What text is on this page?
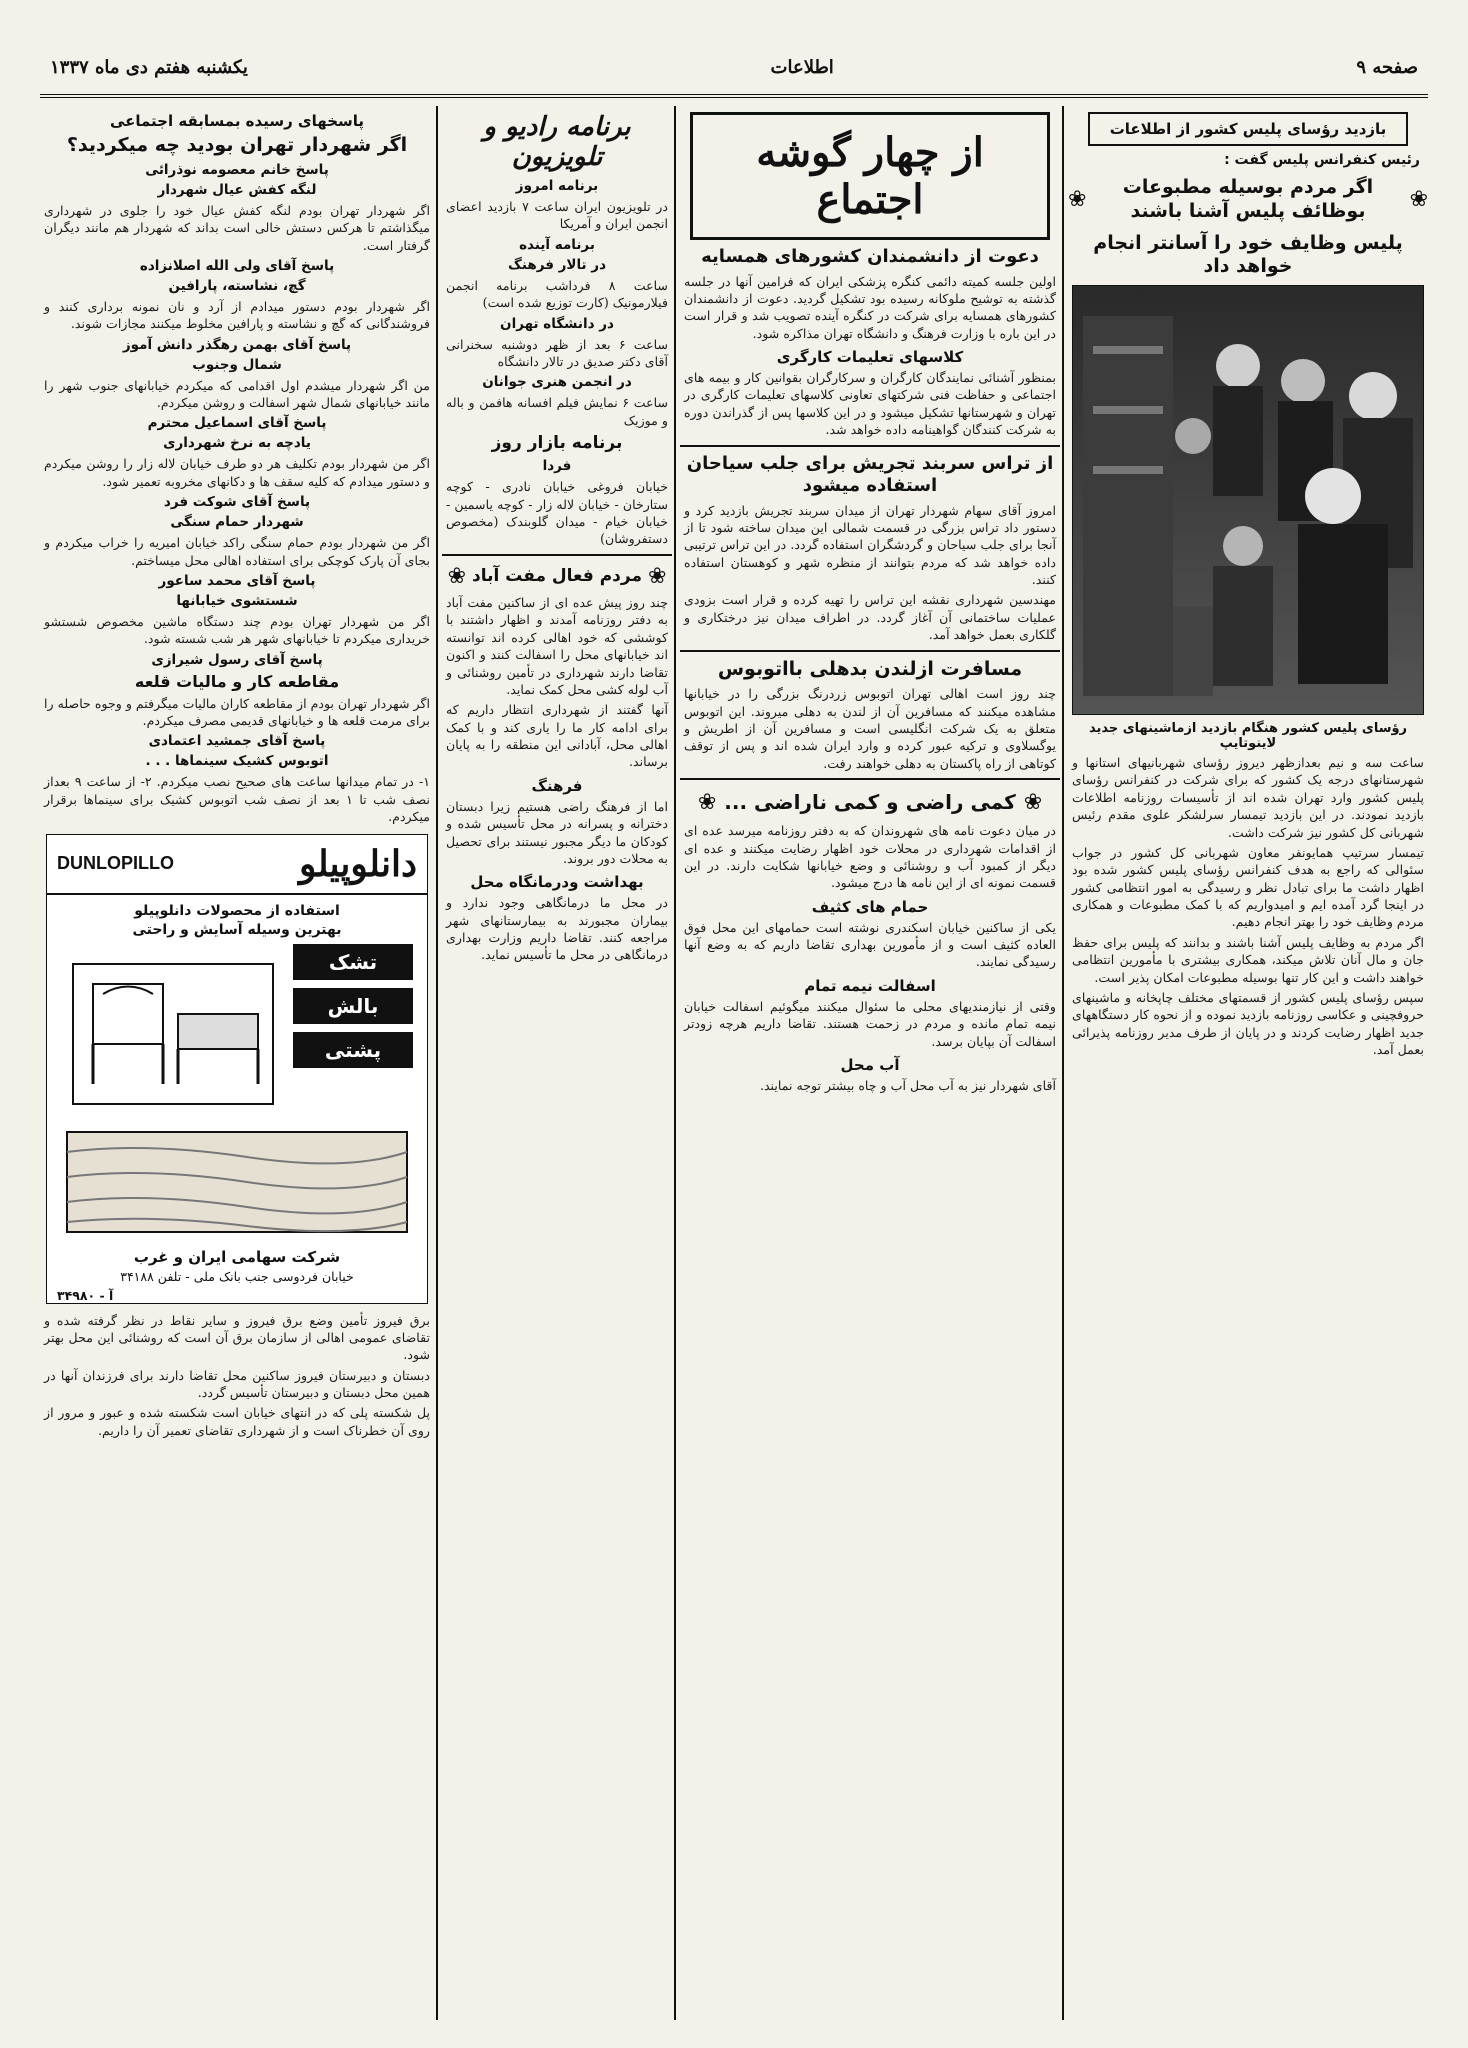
صفحه ۹
اطلاعات
یکشنبه هفتم دی ماه ۱۳۳۷
بازدید رؤسای پلیس کشور از اطلاعات
رئیس کنفرانس پلیس گفت :
❀
اگر مردم بوسیله مطبوعات بوظائف پلیس آشنا باشند
❀
پلیس وظایف خود را آسانتر انجام خواهد داد
رؤسای پلیس کشور هنگام بازدید ازماشینهای جدید لاینوتایپ

ساعت سه و نیم بعدازظهر دیروز رؤسای شهربانیهای استانها و شهرستانهای درجه یک کشور که برای شرکت در کنفرانس رؤسای پلیس کشور وارد تهران شده اند از تأسیسات روزنامه اطلاعات بازدید نمودند. در این بازدید تیمسار سرلشکر علوی مقدم رئیس شهربانی کل کشور نیز شرکت داشت.

تیمسار سرتیپ همایونفر معاون شهربانی کل کشور در جواب سئوالی که راجع به هدف کنفرانس رؤسای پلیس کشور شده بود اظهار داشت ما برای تبادل نظر و رسیدگی به امور انتظامی کشور در اینجا گرد آمده ایم و امیدواریم که با کمک مطبوعات و همکاری مردم وظایف خود را بهتر انجام دهیم.

اگر مردم به وظایف پلیس آشنا باشند و بدانند که پلیس برای حفظ جان و مال آنان تلاش میکند، همکاری بیشتری با مأمورین انتظامی خواهند داشت و این کار تنها بوسیله مطبوعات امکان پذیر است.

سپس رؤسای پلیس کشور از قسمتهای مختلف چاپخانه و ماشینهای حروفچینی و عکاسی روزنامه بازدید نموده و از نحوه کار دستگاههای جدید اظهار رضایت کردند و در پایان از طرف مدیر روزنامه پذیرائی بعمل آمد.

از چهار گوشه اجتماع
دعوت از دانشمندان کشورهای همسایه

اولین جلسه کمیته دائمی کنگره پزشکی ایران که فرامین آنها در جلسه گذشته به توشیح ملوکانه رسیده بود تشکیل گردید. دعوت از دانشمندان کشورهای همسایه برای شرکت در کنگره آینده تصویب شد و قرار است در این باره با وزارت فرهنگ و دانشگاه تهران مذاکره شود.

کلاسهای تعلیمات کارگری

بمنظور آشنائی نمایندگان کارگران و سرکارگران بقوانین کار و بیمه های اجتماعی و حفاظت فنی شرکتهای تعاونی کلاسهای تعلیمات کارگری در تهران و شهرستانها تشکیل میشود و در این کلاسها پس از گذراندن دوره به شرکت کنندگان گواهینامه داده خواهد شد.

از تراس سربند تجریش برای جلب سیاحان استفاده میشود

امروز آقای سهام شهردار تهران از میدان سربند تجریش بازدید کرد و دستور داد تراس بزرگی در قسمت شمالی این میدان ساخته شود تا از آنجا برای جلب سیاحان و گردشگران استفاده گردد. در این تراس ترتیبی داده خواهد شد که مردم بتوانند از منظره شهر و کوهستان استفاده کنند.

مهندسین شهرداری نقشه این تراس را تهیه کرده و قرار است بزودی عملیات ساختمانی آن آغاز گردد. در اطراف میدان نیز درختکاری و گلکاری بعمل خواهد آمد.

مسافرت ازلندن بدهلی بااتوبوس

چند روز است اهالی تهران اتوبوس زردرنگ بزرگی را در خیابانها مشاهده میکنند که مسافرین آن از لندن به دهلی میروند. این اتوبوس متعلق به یک شرکت انگلیسی است و مسافرین آن از اطریش و یوگسلاوی و ترکیه عبور کرده و وارد ایران شده اند و پس از توقف کوتاهی از راه پاکستان به دهلی خواهند رفت.

❀
کمی راضی و کمی ناراضی ...
❀

در میان دعوت نامه های شهروندان که به دفتر روزنامه میرسد عده ای از اقدامات شهرداری در محلات خود اظهار رضایت میکنند و عده ای دیگر از کمبود آب و روشنائی و وضع خیابانها شکایت دارند. در این قسمت نمونه ای از این نامه ها درج میشود.

حمام های کثیف

یکی از ساکنین خیابان اسکندری نوشته است حمامهای این محل فوق العاده کثیف است و از مأمورین بهداری تقاضا داریم که به وضع آنها رسیدگی نمایند.

اسفالت نیمه تمام

وقتی از نیازمندیهای محلی ما سئوال میکنند میگوئیم اسفالت خیابان نیمه تمام مانده و مردم در زحمت هستند. تقاضا داریم هرچه زودتر اسفالت آن بپایان برسد.

آب محل

آقای شهردار نیز به آب محل آب و چاه بیشتر توجه نمایند.

برنامه رادیو و تلویزیون
برنامه امروز

در تلویزیون ایران ساعت ۷ بازدید اعضای انجمن ایران و آمریکا

برنامه آینده
در تالار فرهنگ

ساعت ۸ فرداشب برنامه انجمن فیلارمونیک (کارت توزیع شده است)

در دانشگاه تهران

ساعت ۶ بعد از ظهر دوشنبه سخنرانی آقای دکتر صدیق در تالار دانشگاه

در انجمن هنری جوانان

ساعت ۶ نمایش فیلم افسانه هافمن و باله و موزیک

برنامه بازار روز
فردا

خیابان فروغی خیابان نادری - کوچه ستارخان - خیابان لاله زار - کوچه یاسمین - خیابان خیام - میدان گلوبندک (مخصوص دستفروشان)

❀
مردم فعال مفت آباد
❀

چند روز پیش عده ای از ساکنین مفت آباد به دفتر روزنامه آمدند و اظهار داشتند با کوششی که خود اهالی کرده اند توانسته اند خیابانهای محل را اسفالت کنند و اکنون تقاضا دارند شهرداری در تأمین روشنائی و آب لوله کشی محل کمک نماید.

آنها گفتند از شهرداری انتظار داریم که برای ادامه کار ما را یاری کند و با کمک اهالی محل، آبادانی این منطقه را به پایان برساند.

فرهنگ

اما از فرهنگ راضی هستیم زیرا دبستان دخترانه و پسرانه در محل تأسیس شده و کودکان ما دیگر مجبور نیستند برای تحصیل به محلات دور بروند.

بهداشت ودرمانگاه محل

در محل ما درمانگاهی وجود ندارد و بیماران مجبورند به بیمارستانهای شهر مراجعه کنند. تقاضا داریم وزارت بهداری درمانگاهی در محل ما تأسیس نماید.

پاسخهای رسیده بمسابقه اجتماعی
اگر شهردار تهران بودید چه میکردید؟
پاسخ خانم معصومه نوذرائی
لنگه کفش عیال شهردار

اگر شهردار تهران بودم لنگه کفش عیال خود را جلوی در شهرداری میگذاشتم تا هرکس دستش خالی است بداند که شهردار هم مانند دیگران گرفتار است.

پاسخ آقای ولی الله اصلانزاده
گچ، نشاسته، پارافین

اگر شهردار بودم دستور میدادم از آرد و نان نمونه برداری کنند و فروشندگانی که گچ و نشاسته و پارافین مخلوط میکنند مجازات شوند.

پاسخ آقای بهمن رهگذر دانش آموز
شمال وجنوب

من اگر شهردار میشدم اول اقدامی که میکردم خیابانهای جنوب شهر را مانند خیابانهای شمال شهر اسفالت و روشن میکردم.

پاسخ آقای اسماعیل محترم
یادچه به نرخ شهرداری

اگر من شهردار بودم تکلیف هر دو طرف خیابان لاله زار را روشن میکردم و دستور میدادم که کلیه سقف ها و دکانهای مخروبه تعمیر شود.

پاسخ آقای شوکت فرد
شهردار حمام سنگی

اگر من شهردار بودم حمام سنگی راکد خیابان امیریه را خراب میکردم و بجای آن پارک کوچکی برای استفاده اهالی محل میساختم.

پاسخ آقای محمد ساعور
شستشوی خیابانها

اگر من شهردار تهران بودم چند دستگاه ماشین مخصوص شستشو خریداری میکردم تا خیابانهای شهر هر شب شسته شود.

پاسخ آقای رسول شیرازی
مقاطعه کار و مالیات قلعه

اگر شهردار تهران بودم از مقاطعه کاران مالیات میگرفتم و وجوه حاصله را برای مرمت قلعه ها و خیابانهای قدیمی مصرف میکردم.

پاسخ آقای جمشید اعتمادی
اتوبوس کشیک سینماها . . .

۱- در تمام میدانها ساعت های صحیح نصب میکردم. ۲- از ساعت ۹ بعداز نصف شب تا ۱ بعد از نصف شب اتوبوس کشیک برای سینماها برقرار میکردم.

دانلوپیلو
DUNLOPILLO
استفاده از محصولات دانلوپیلو
بهترین وسیله آسایش و راحتی
تشک
بالش
پشتی
شرکت سهامی ایران و غرب
خیابان فردوسی جنب بانک ملی - تلفن ۳۴۱۸۸
آ - ۳۴۹۸۰

برق فیروز تأمین وضع برق فیروز و سایر نقاط در نظر گرفته شده و تقاضای عمومی اهالی از سازمان برق آن است که روشنائی این محل بهتر شود.

دبستان و دبیرستان فیروز ساکنین محل تقاضا دارند برای فرزندان آنها در همین محل دبستان و دبیرستان تأسیس گردد.

پل شکسته پلی که در انتهای خیابان است شکسته شده و عبور و مرور از روی آن خطرناک است و از شهرداری تقاضای تعمیر آن را داریم.
